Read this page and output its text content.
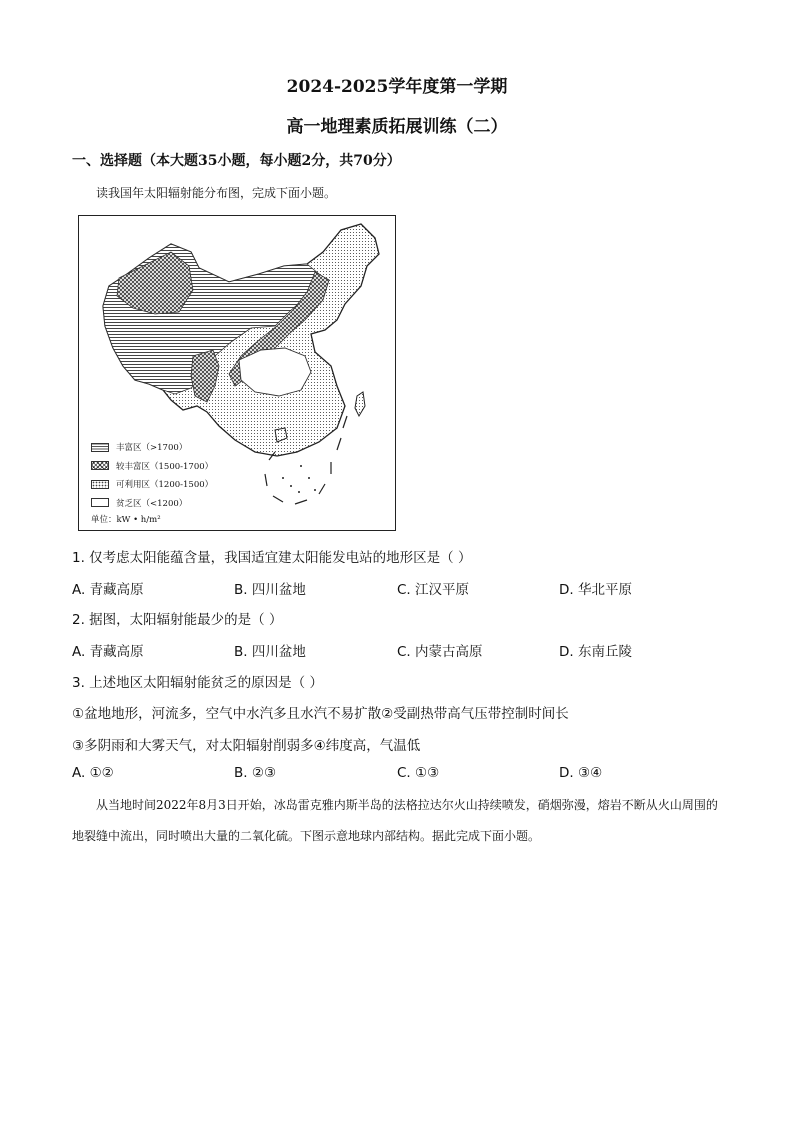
2024-2025学年度第一学期
高一地理素质拓展训练（二）
一、选择题（本大题35小题，每小题2分，共70分）
读我国年太阳辐射能分布图，完成下面小题。
丰富区（>1700）
较丰富区（1500-1700）
可利用区（1200-1500）
贫乏区（<1200）
单位：kW • h/m²
1. 仅考虑太阳能蕴含量，我国适宜建太阳能发电站的地形区是（ ）
A. 青藏高原	B. 四川盆地	C. 江汉平原	D. 华北平原
2. 据图，太阳辐射能最少的是（ ）
A. 青藏高原	B. 四川盆地	C. 内蒙古高原	D. 东南丘陵
3. 上述地区太阳辐射能贫乏的原因是（ ）
①盆地地形，河流多，空气中水汽多且水汽不易扩散②受副热带高气压带控制时间长
③多阴雨和大雾天气，对太阳辐射削弱多④纬度高，气温低
A. ①②	B. ②③	C. ①③	D. ③④
从当地时间2022年8月3日开始，冰岛雷克雅内斯半岛的法格拉达尔火山持续喷发，硝烟弥漫，熔岩不断从火山周围的地裂缝中流出，同时喷出大量的二氧化硫。下图示意地球内部结构。据此完成下面小题。
